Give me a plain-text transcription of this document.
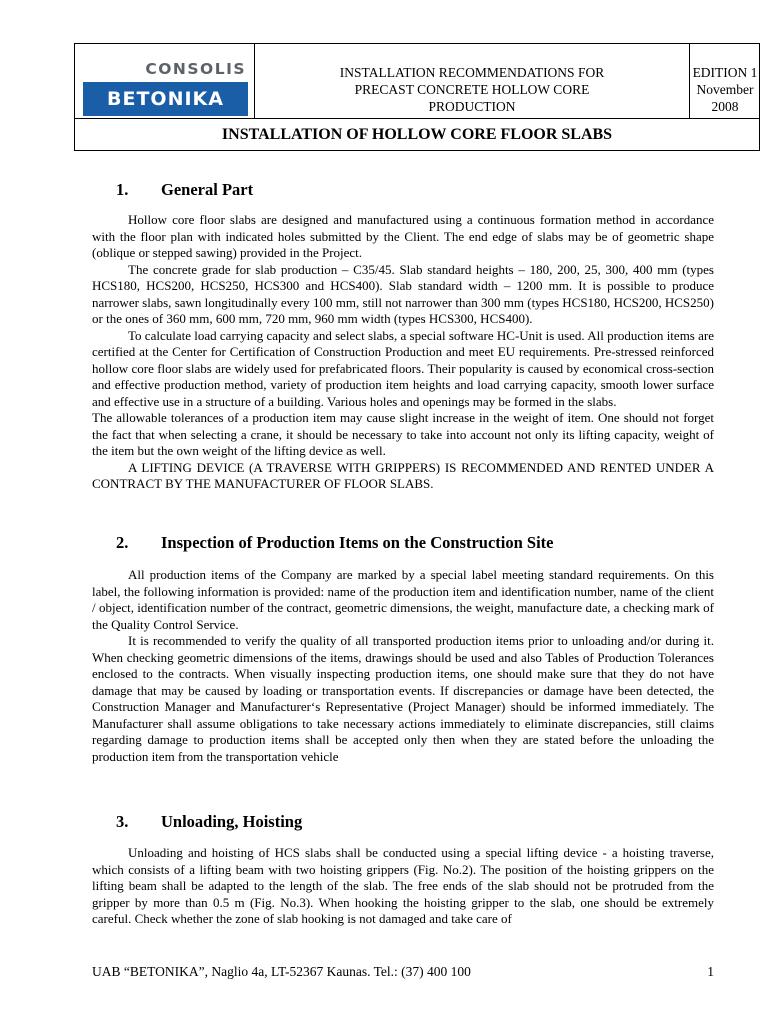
CONSOLIS
BETONIKA
INSTALLATION RECOMMENDATIONS FOR
PRECAST CONCRETE HOLLOW CORE
PRODUCTION
EDITION 1
November
2008
INSTALLATION OF HOLLOW CORE FLOOR SLABS
1. General Part

Hollow core floor slabs are designed and manufactured using a continuous formation method in accordance with the floor plan with indicated holes submitted by the Client. The end edge of slabs may be of geometric shape (oblique or stepped sawing) provided in the Project.

The concrete grade for slab production – C35/45. Slab standard heights – 180, 200, 25, 300, 400 mm (types HCS180, HCS200, HCS250, HCS300 and HCS400). Slab standard width – 1200 mm. It is possible to produce narrower slabs, sawn longitudinally every 100 mm, still not narrower than 300 mm (types HCS180, HCS200, HCS250) or the ones of 360 mm, 600 mm, 720 mm, 960 mm width (types HCS300, HCS400).

To calculate load carrying capacity and select slabs, a special software HC-Unit is used. All production items are certified at the Center for Certification of Construction Production and meet EU requirements. Pre-stressed reinforced hollow core floor slabs are widely used for prefabricated floors. Their popularity is caused by economical cross-section and effective production method, variety of production item heights and load carrying capacity, smooth lower surface and effective use in a structure of a building. Various holes and openings may be formed in the slabs.

The allowable tolerances of a production item may cause slight increase in the weight of item. One should not forget the fact that when selecting a crane, it should be necessary to take into account not only its lifting capacity, weight of the item but the own weight of the lifting device as well.

A LIFTING DEVICE (A TRAVERSE WITH GRIPPERS) IS RECOMMENDED AND RENTED UNDER A CONTRACT BY THE MANUFACTURER OF FLOOR SLABS.

2. Inspection of Production Items on the Construction Site

All production items of the Company are marked by a special label meeting standard requirements. On this label, the following information is provided: name of the production item and identification number, name of the client / object, identification number of the contract, geometric dimensions, the weight, manufacture date, a checking mark of the Quality Control Service.

It is recommended to verify the quality of all transported production items prior to unloading and/or during it. When checking geometric dimensions of the items, drawings should be used and also Tables of Production Tolerances enclosed to the contracts. When visually inspecting production items, one should make sure that they do not have damage that may be caused by loading or transportation events. If discrepancies or damage have been detected, the Construction Manager and Manufacturer‘s Representative (Project Manager) should be informed immediately. The Manufacturer shall assume obligations to take necessary actions immediately to eliminate discrepancies, still claims regarding damage to production items shall be accepted only then when they are stated before the unloading the production item from the transportation vehicle

3. Unloading, Hoisting

Unloading and hoisting of HCS slabs shall be conducted using a special lifting device - a hoisting traverse, which consists of a lifting beam with two hoisting grippers (Fig. No.2). The position of the hoisting grippers on the lifting beam shall be adapted to the length of the slab. The free ends of the slab should not be protruded from the gripper by more than 0.5 m (Fig. No.3). When hooking the hoisting gripper to the slab, one should be extremely careful. Check whether the zone of slab hooking is not damaged and take care of

UAB “BETONIKA”, Naglio 4a, LT-52367 Kaunas. Tel.: (37) 400 100	1
